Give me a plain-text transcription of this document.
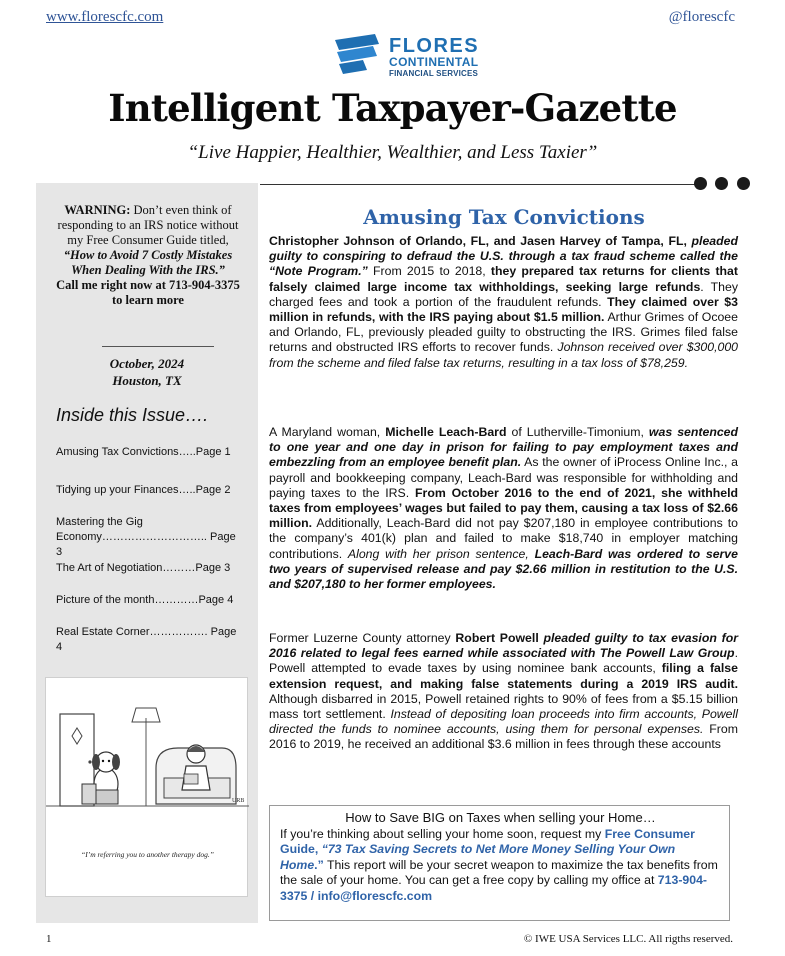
www.florescfc.com	@florescfc
FLORES
CONTINENTAL
FINANCIAL SERVICES
Intelligent Taxpayer-Gazette
“Live Happier, Healthier, Wealthier, and Less Taxier”
WARNING: Don’t even think of responding to an IRS notice without my Free Consumer Guide titled, “How to Avoid 7 Costly Mistakes When Dealing With the IRS.”
Call me right now at 713-904-3375 to learn more
October, 2024
Houston, TX
Inside this Issue….
Amusing Tax Convictions…..Page 1
Tidying up your Finances…..Page 2
Mastering the Gig Economy……………………….. Page 3
The Art of Negotiation………Page 3
Picture of the month…………Page 4
Real Estate Corner……………. Page 4
URB
“I’m referring you to another therapy dog.”
Amusing Tax Convictions
Christopher Johnson of Orlando, FL, and Jasen Harvey of Tampa, FL, pleaded guilty to conspiring to defraud the U.S. through a tax fraud scheme called the “Note Program.” From 2015 to 2018, they prepared tax returns for clients that falsely claimed large income tax withholdings, seeking large refunds. They charged fees and took a portion of the fraudulent refunds. They claimed over $3 million in refunds, with the IRS paying about $1.5 million. Arthur Grimes of Ocoee and Orlando, FL, previously pleaded guilty to obstructing the IRS. Grimes filed false returns and obstructed IRS efforts to recover funds. Johnson received over $300,000 from the scheme and filed false tax returns, resulting in a tax loss of $78,259.
A Maryland woman, Michelle Leach-Bard of Lutherville-Timonium, was sentenced to one year and one day in prison for failing to pay employment taxes and embezzling from an employee benefit plan. As the owner of iProcess Online Inc., a payroll and bookkeeping company, Leach-Bard was responsible for withholding and paying taxes to the IRS. From October 2016 to the end of 2021, she withheld taxes from employees’ wages but failed to pay them, causing a tax loss of $2.66 million. Additionally, Leach-Bard did not pay $207,180 in employee contributions to the company’s 401(k) plan and failed to make $18,740 in employer matching contributions. Along with her prison sentence, Leach-Bard was ordered to serve two years of supervised release and pay $2.66 million in restitution to the U.S. and $207,180 to her former employees.
Former Luzerne County attorney Robert Powell pleaded guilty to tax evasion for 2016 related to legal fees earned while associated with The Powell Law Group. Powell attempted to evade taxes by using nominee bank accounts, filing a false extension request, and making false statements during a 2019 IRS audit. Although disbarred in 2015, Powell retained rights to 90% of fees from a $5.15 billion mass tort settlement. Instead of depositing loan proceeds into firm accounts, Powell directed the funds to nominee accounts, using them for personal expenses. From 2016 to 2019, he received an additional $3.6 million in fees through these accounts
How to Save BIG on Taxes when selling your Home…
If you’re thinking about selling your home soon, request my Free Consumer Guide, “73 Tax Saving Secrets to Net More Money Selling Your Own Home.” This report will be your secret weapon to maximize the tax benefits from the sale of your home. You can get a free copy by calling my office at 713-904-3375 / info@florescfc.com
1	© IWE USA Services LLC. All rigths reserved.
